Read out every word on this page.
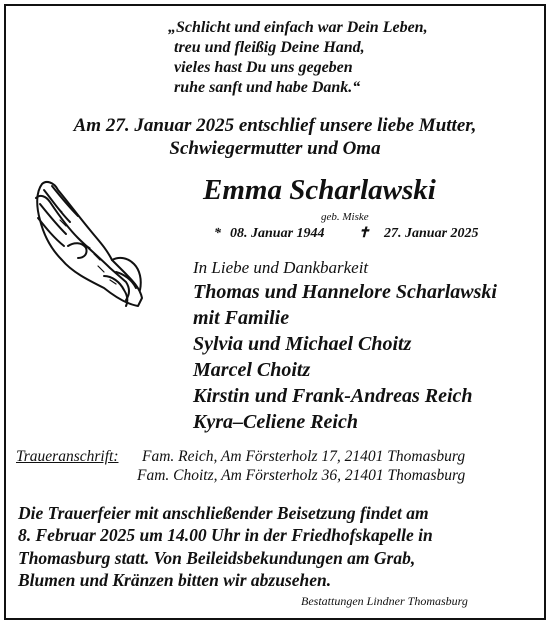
„Schlicht und einfach war Dein Leben,
treu und fleißig Deine Hand,
vieles hast Du uns gegeben
ruhe sanft und habe Dank.“
Am 27. Januar 2025 entschlief unsere liebe Mutter,
Schwiegermutter und Oma
Emma Scharlawski
geb. Miske
* 08. Januar 1944 ✝ 27. Januar 2025
In Liebe und Dankbarkeit
Thomas und Hannelore Scharlawski
mit Familie
Sylvia und Michael Choitz
Marcel Choitz
Kirstin und Frank-Andreas Reich
Kyra–Celiene Reich
Traueranschrift: Fam. Reich, Am Försterholz 17, 21401 Thomasburg
Fam. Choitz, Am Försterholz 36, 21401 Thomasburg
Die Trauerfeier mit anschließender Beisetzung findet am
8. Februar 2025 um 14.00 Uhr in der Friedhofskapelle in
Thomasburg statt. Von Beileidsbekundungen am Grab,
Blumen und Kränzen bitten wir abzusehen.
Bestattungen Lindner Thomasburg
